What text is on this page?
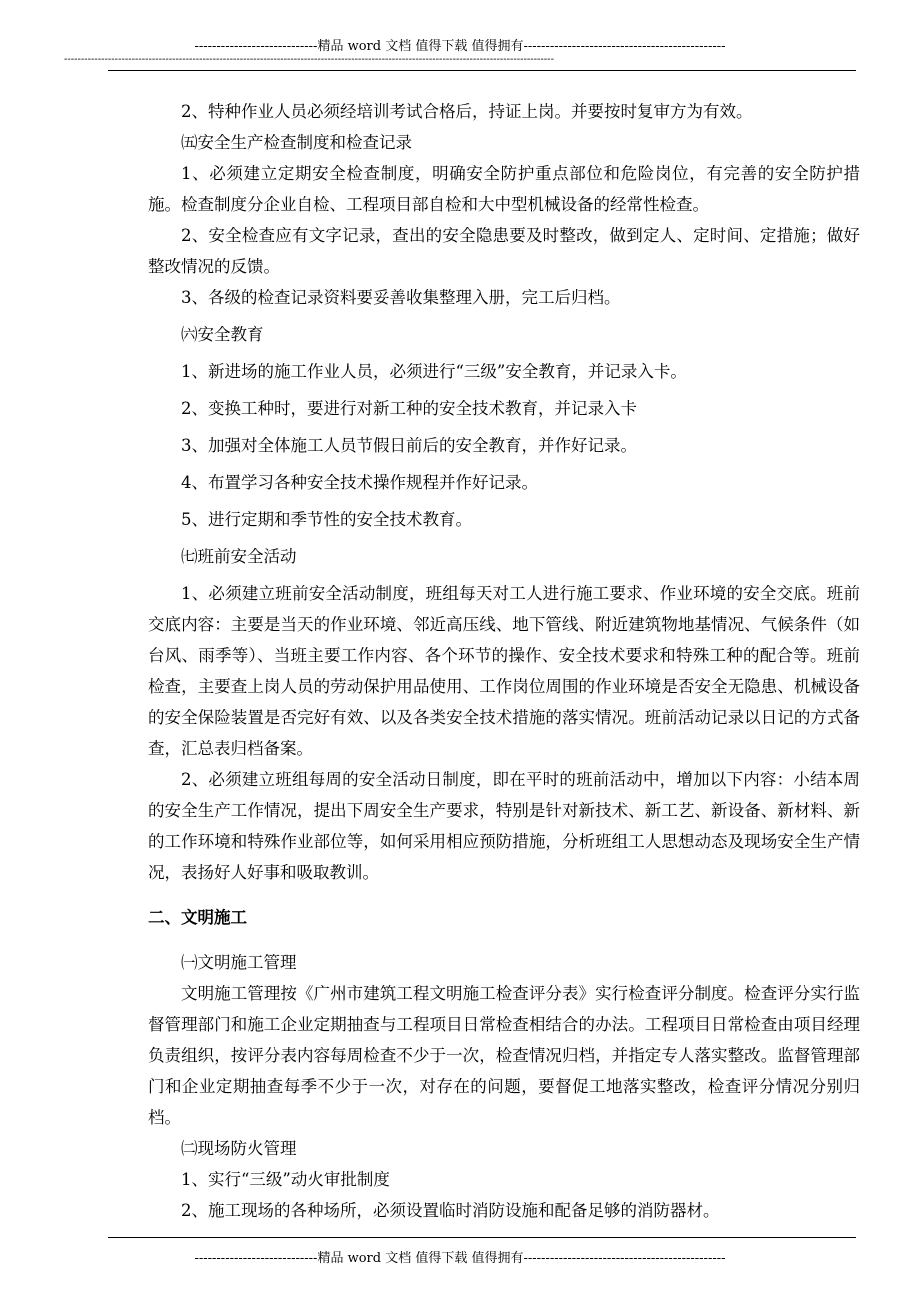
----------------------------精品 word 文档 值得下载 值得拥有----------------------------------------------
-------------------------------------------------------------------------------------------------------------------------------------------------

2、特种作业人员必须经培训考试合格后，持证上岗。并要按时复审方为有效。

㈤安全生产检查制度和检查记录

1、必须建立定期安全检查制度，明确安全防护重点部位和危险岗位，有完善的安全防护措施。检查制度分企业自检、工程项目部自检和大中型机械设备的经常性检查。

2、安全检查应有文字记录，查出的安全隐患要及时整改，做到定人、定时间、定措施；做好整改情况的反馈。

3、各级的检查记录资料要妥善收集整理入册，完工后归档。

㈥安全教育

1、新进场的施工作业人员，必须进行“三级”安全教育，并记录入卡。

2、变换工种时，要进行对新工种的安全技术教育，并记录入卡

3、加强对全体施工人员节假日前后的安全教育，并作好记录。

4、布置学习各种安全技术操作规程并作好记录。

5、进行定期和季节性的安全技术教育。

㈦班前安全活动

1、必须建立班前安全活动制度，班组每天对工人进行施工要求、作业环境的安全交底。班前交底内容：主要是当天的作业环境、邻近高压线、地下管线、附近建筑物地基情况、气候条件（如台风、雨季等）、当班主要工作内容、各个环节的操作、安全技术要求和特殊工种的配合等。班前检查，主要查上岗人员的劳动保护用品使用、工作岗位周围的作业环境是否安全无隐患、机械设备的安全保险装置是否完好有效、以及各类安全技术措施的落实情况。班前活动记录以日记的方式备查，汇总表归档备案。

2、必须建立班组每周的安全活动日制度，即在平时的班前活动中，增加以下内容：小结本周的安全生产工作情况，提出下周安全生产要求，特别是针对新技术、新工艺、新设备、新材料、新的工作环境和特殊作业部位等，如何采用相应预防措施，分析班组工人思想动态及现场安全生产情况，表扬好人好事和吸取教训。

二、文明施工

㈠文明施工管理

文明施工管理按《广州市建筑工程文明施工检查评分表》实行检查评分制度。检查评分实行监督管理部门和施工企业定期抽查与工程项目日常检查相结合的办法。工程项目日常检查由项目经理负责组织，按评分表内容每周检查不少于一次，检查情况归档，并指定专人落实整改。监督管理部门和企业定期抽查每季不少于一次，对存在的问题，要督促工地落实整改，检查评分情况分别归档。

㈡现场防火管理

1、实行“三级”动火审批制度

2、施工现场的各种场所，必须设置临时消防设施和配备足够的消防器材。

----------------------------精品 word 文档 值得下载 值得拥有----------------------------------------------
